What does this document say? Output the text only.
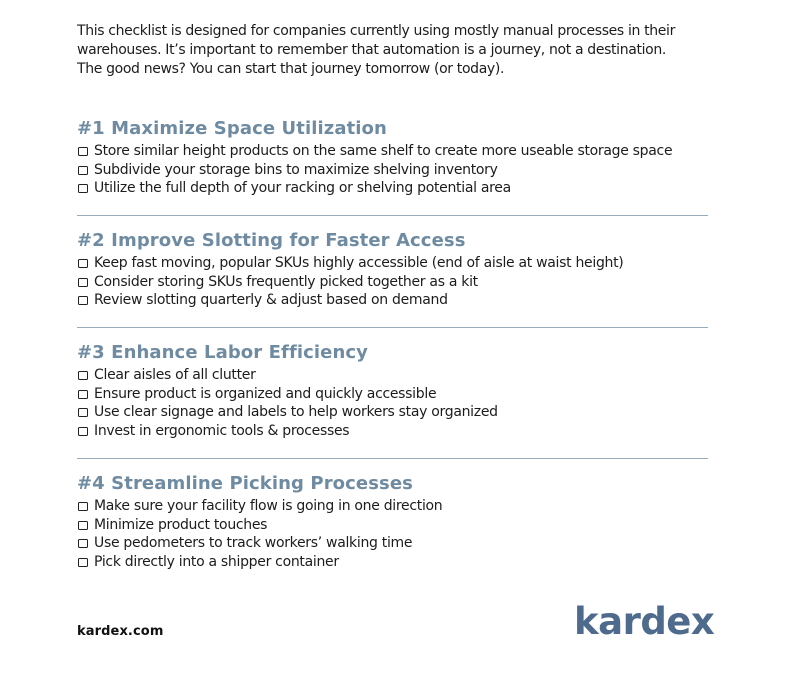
This checklist is designed for companies currently using mostly manual processes in their

warehouses. It’s important to remember that automation is a journey, not a destination.

The good news? You can start that journey tomorrow (or today).

#1 Maximize Space Utilization
Store similar height products on the same shelf to create more useable storage space
Subdivide your storage bins to maximize shelving inventory
Utilize the full depth of your racking or shelving potential area
#2 Improve Slotting for Faster Access
Keep fast moving, popular SKUs highly accessible (end of aisle at waist height)
Consider storing SKUs frequently picked together as a kit
Review slotting quarterly & adjust based on demand
#3 Enhance Labor Efficiency
Clear aisles of all clutter
Ensure product is organized and quickly accessible
Use clear signage and labels to help workers stay organized
Invest in ergonomic tools & processes
#4 Streamline Picking Processes
Make sure your facility flow is going in one direction
Minimize product touches
Use pedometers to track workers’ walking time
Pick directly into a shipper container
kardex.com	kardex
